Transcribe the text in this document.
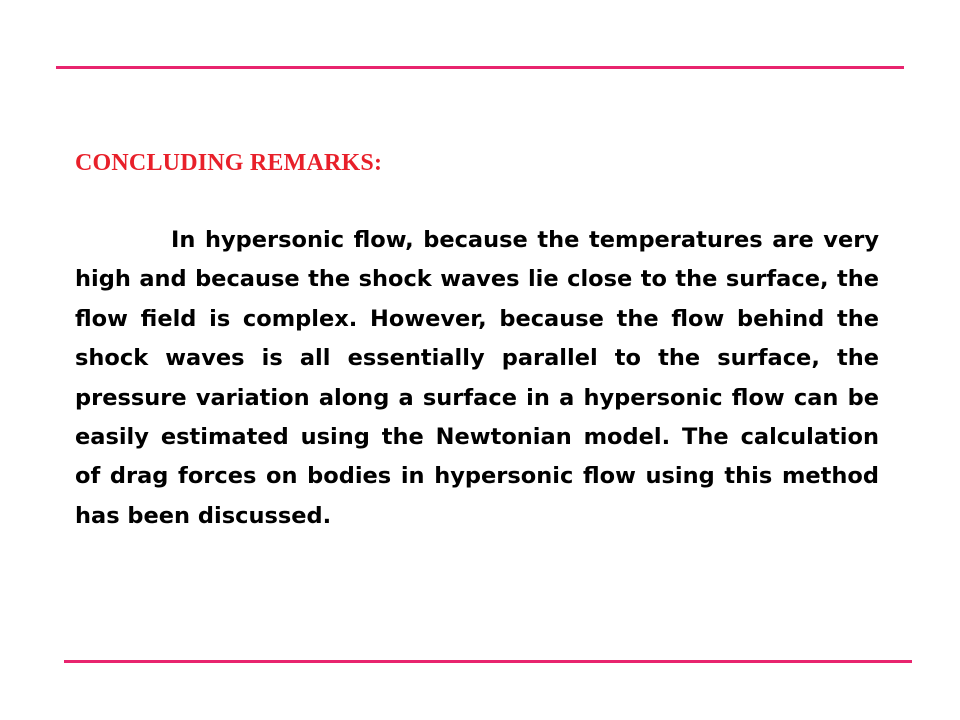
CONCLUDING REMARKS:

In hypersonic flow, because the temperatures are very high and because the shock waves lie close to the surface, the flow field is complex. However, because the flow behind the shock waves is all essentially parallel to the surface, the pressure variation along a surface in a hypersonic flow can be easily estimated using the Newtonian model. The calculation of drag forces on bodies in hypersonic flow using this method has been discussed.
